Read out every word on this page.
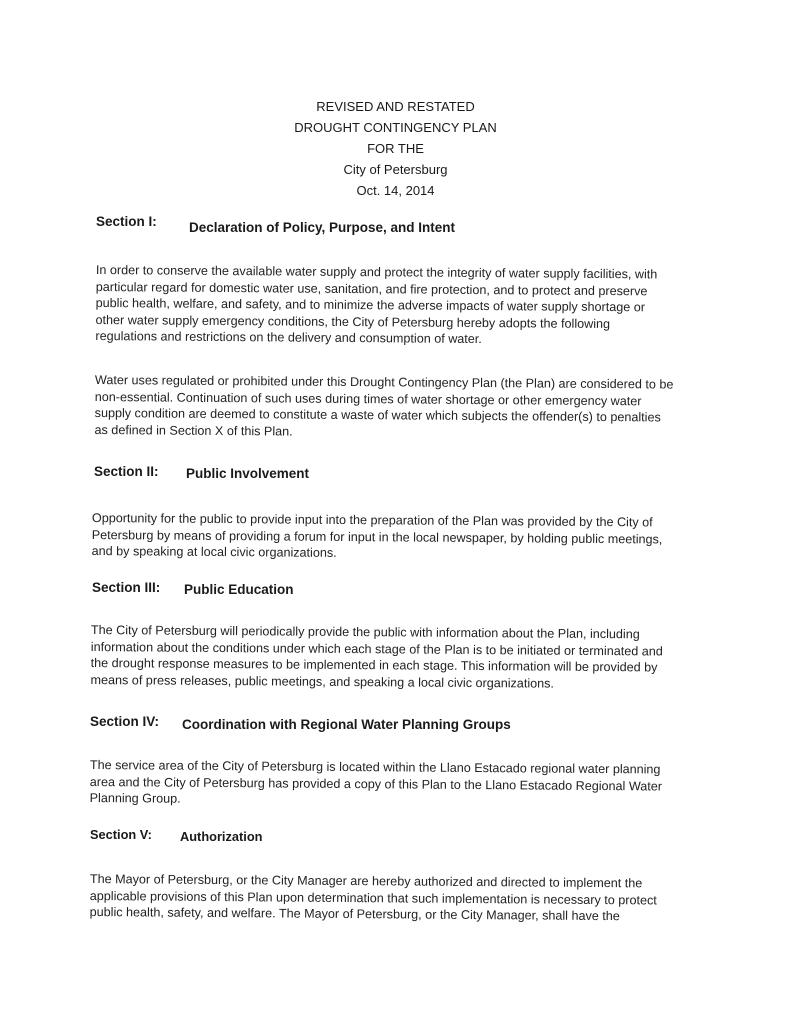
REVISED AND RESTATED
DROUGHT CONTINGENCY PLAN
FOR THE
City of Petersburg
Oct. 14, 2014
Section I: Declaration of Policy, Purpose, and Intent
In order to conserve the available water supply and protect the integrity of water supply facilities, with
particular regard for domestic water use, sanitation, and fire protection, and to protect and preserve
public health, welfare, and safety, and to minimize the adverse impacts of water supply shortage or
other water supply emergency conditions, the City of Petersburg hereby adopts the following
regulations and restrictions on the delivery and consumption of water.
Water uses regulated or prohibited under this Drought Contingency Plan (the Plan) are considered to be
non-essential. Continuation of such uses during times of water shortage or other emergency water
supply condition are deemed to constitute a waste of water which subjects the offender(s) to penalties
as defined in Section X of this Plan.
Section II: Public Involvement
Opportunity for the public to provide input into the preparation of the Plan was provided by the City of
Petersburg by means of providing a forum for input in the local newspaper, by holding public meetings,
and by speaking at local civic organizations.
Section III: Public Education
The City of Petersburg will periodically provide the public with information about the Plan, including
information about the conditions under which each stage of the Plan is to be initiated or terminated and
the drought response measures to be implemented in each stage. This information will be provided by
means of press releases, public meetings, and speaking a local civic organizations.
Section IV: Coordination with Regional Water Planning Groups
The service area of the City of Petersburg is located within the Llano Estacado regional water planning
area and the City of Petersburg has provided a copy of this Plan to the Llano Estacado Regional Water
Planning Group.
Section V: Authorization
The Mayor of Petersburg, or the City Manager are hereby authorized and directed to implement the
applicable provisions of this Plan upon determination that such implementation is necessary to protect
public health, safety, and welfare. The Mayor of Petersburg, or the City Manager, shall have the
